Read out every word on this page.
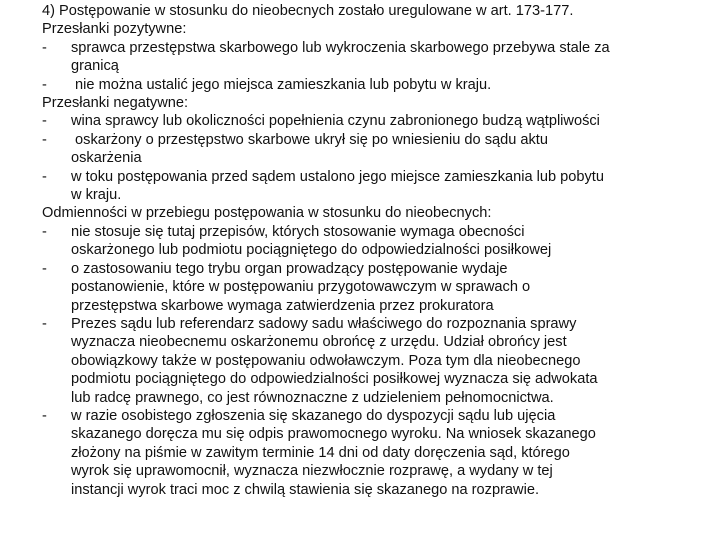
4) Postępowanie w stosunku do nieobecnych zostało uregulowane w art. 173-177.

Przesłanki pozytywne:

- sprawca przestępstwa skarbowego lub wykroczenia skarbowego przebywa stale za

granicą

- nie można ustalić jego miejsca zamieszkania lub pobytu w kraju.

Przesłanki negatywne:

- wina sprawcy lub okoliczności popełnienia czynu zabronionego budzą wątpliwości

- oskarżony o przestępstwo skarbowe ukrył się po wniesieniu do sądu aktu

oskarżenia

- w toku postępowania przed sądem ustalono jego miejsce zamieszkania lub pobytu

w kraju.

Odmienności w przebiegu postępowania w stosunku do nieobecnych:

- nie stosuje się tutaj przepisów, których stosowanie wymaga obecności

oskarżonego lub podmiotu pociągniętego do odpowiedzialności posiłkowej

- o zastosowaniu tego trybu organ prowadzący postępowanie wydaje

postanowienie, które w postępowaniu przygotowawczym w sprawach o

przestępstwa skarbowe wymaga zatwierdzenia przez prokuratora

- Prezes sądu lub referendarz sadowy sadu właściwego do rozpoznania sprawy

wyznacza nieobecnemu oskarżonemu obrońcę z urzędu. Udział obrońcy jest

obowiązkowy także w postępowaniu odwoławczym. Poza tym dla nieobecnego

podmiotu pociągniętego do odpowiedzialności posiłkowej wyznacza się adwokata

lub radcę prawnego, co jest równoznaczne z udzieleniem pełnomocnictwa.

- w razie osobistego zgłoszenia się skazanego do dyspozycji sądu lub ujęcia

skazanego doręcza mu się odpis prawomocnego wyroku. Na wniosek skazanego

złożony na piśmie w zawitym terminie 14 dni od daty doręczenia sąd, którego

wyrok się uprawomocnił, wyznacza niezwłocznie rozprawę, a wydany w tej

instancji wyrok traci moc z chwilą stawienia się skazanego na rozprawie.
